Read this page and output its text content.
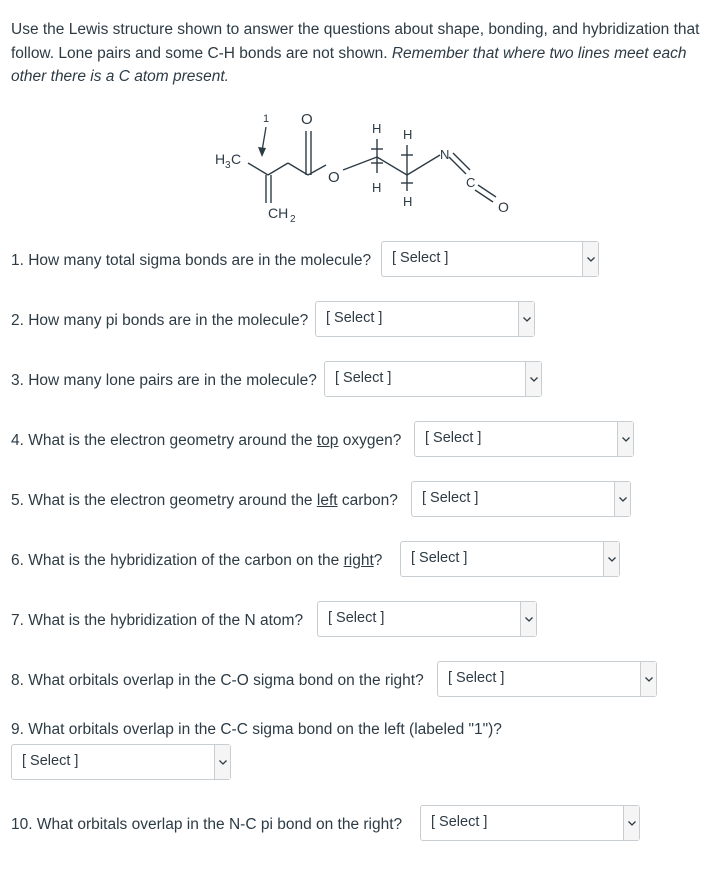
Use the Lewis structure shown to answer the questions about shape, bonding, and hybridization that follow. Lone pairs and some C-H bonds are not shown. Remember that where two lines meet each other there is a C atom present.
1 O
H 3 C
CH 2
O
H
H
H
H
N
C
O
1. How many total sigma bonds are in the molecule? [ Select ]
2. How many pi bonds are in the molecule? [ Select ]
3. How many lone pairs are in the molecule? [ Select ]
4. What is the electron geometry around the top oxygen? [ Select ]
5. What is the electron geometry around the left carbon? [ Select ]
6. What is the hybridization of the carbon on the right? [ Select ]
7. What is the hybridization of the N atom? [ Select ]
8. What orbitals overlap in the C-O sigma bond on the right? [ Select ]
9. What orbitals overlap in the C-C sigma bond on the left (labeled "1")?
[ Select ]
10. What orbitals overlap in the N-C pi bond on the right? [ Select ]
